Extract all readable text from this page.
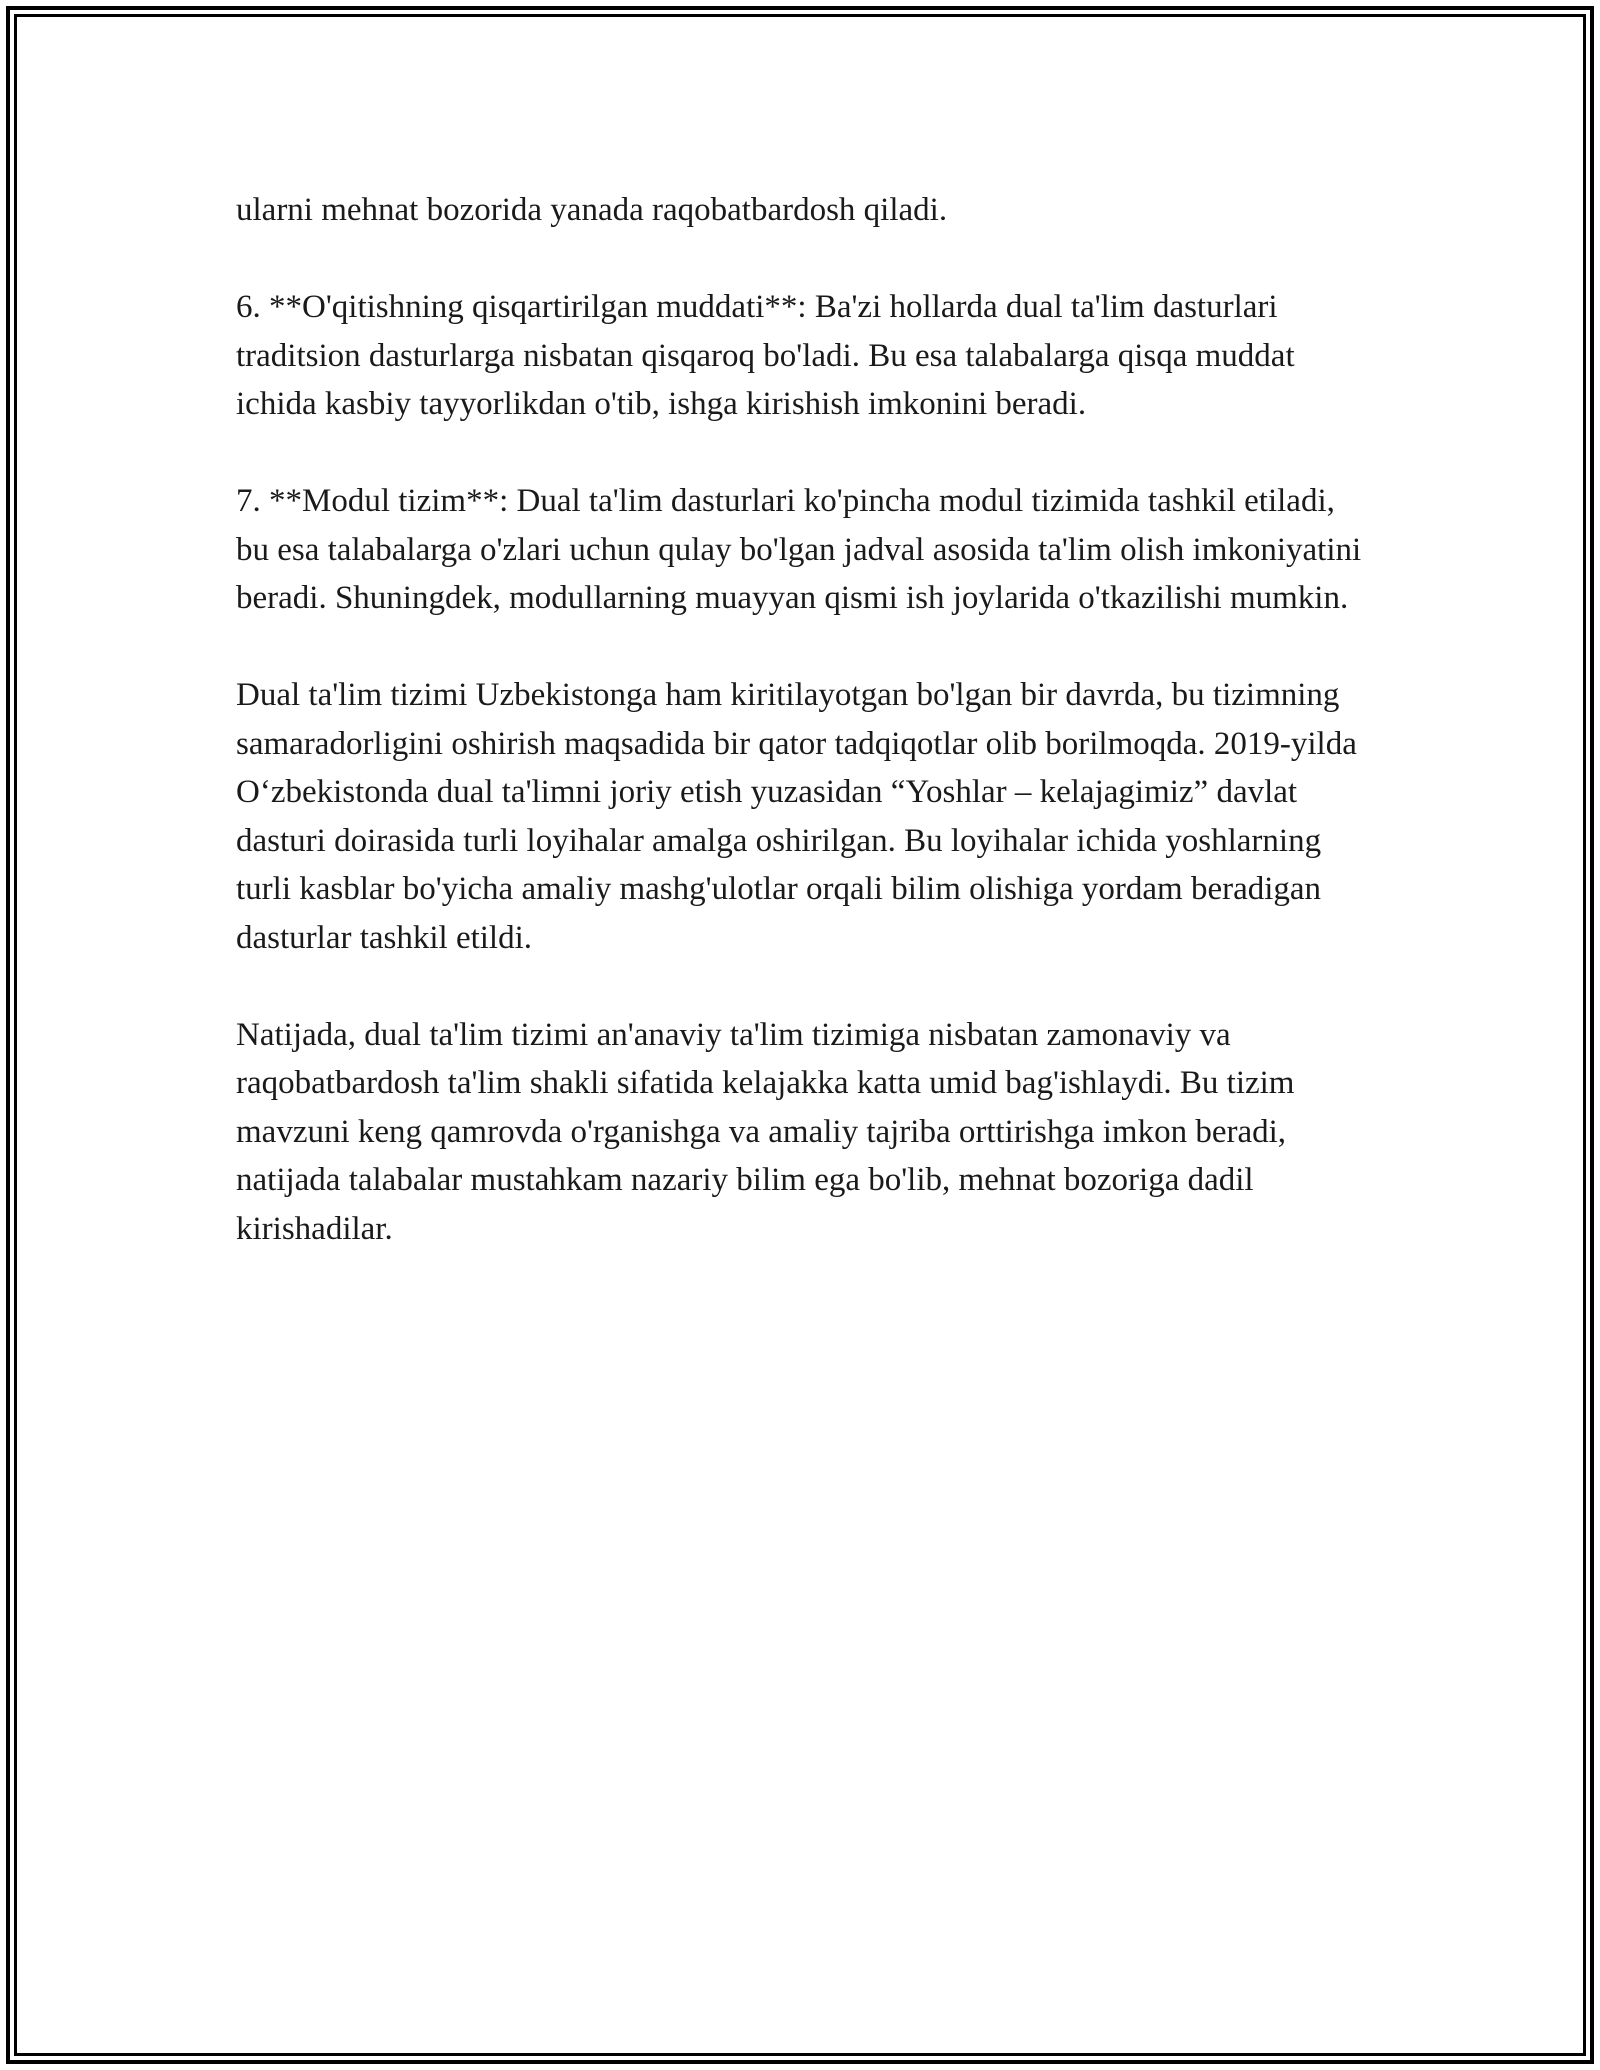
ularni mehnat bozorida yanada raqobatbardosh qiladi.

6. **O'qitishning qisqartirilgan muddati**: Ba'zi hollarda dual ta'lim dasturlari traditsion dasturlarga nisbatan qisqaroq bo'ladi. Bu esa talabalarga qisqa muddat ichida kasbiy tayyorlikdan o'tib, ishga kirishish imkonini beradi.

7. **Modul tizim**: Dual ta'lim dasturlari ko'pincha modul tizimida tashkil etiladi, bu esa talabalarga o'zlari uchun qulay bo'lgan jadval asosida ta'lim olish imkoniyatini beradi. Shuningdek, modullarning muayyan qismi ish joylarida o'tkazilishi mumkin.

Dual ta'lim tizimi Uzbekistonga ham kiritilayotgan bo'lgan bir davrda, bu tizimning samaradorligini oshirish maqsadida bir qator tadqiqotlar olib borilmoqda. 2019-yilda O‘zbekistonda dual ta'limni joriy etish yuzasidan “Yoshlar – kelajagimiz” davlat dasturi doirasida turli loyihalar amalga oshirilgan. Bu loyihalar ichida yoshlarning turli kasblar bo'yicha amaliy mashg'ulotlar orqali bilim olishiga yordam beradigan dasturlar tashkil etildi.

Natijada, dual ta'lim tizimi an'anaviy ta'lim tizimiga nisbatan zamonaviy va raqobatbardosh ta'lim shakli sifatida kelajakka katta umid bag'ishlaydi. Bu tizim mavzuni keng qamrovda o'rganishga va amaliy tajriba orttirishga imkon beradi, natijada talabalar mustahkam nazariy bilim ega bo'lib, mehnat bozoriga dadil kirishadilar.
